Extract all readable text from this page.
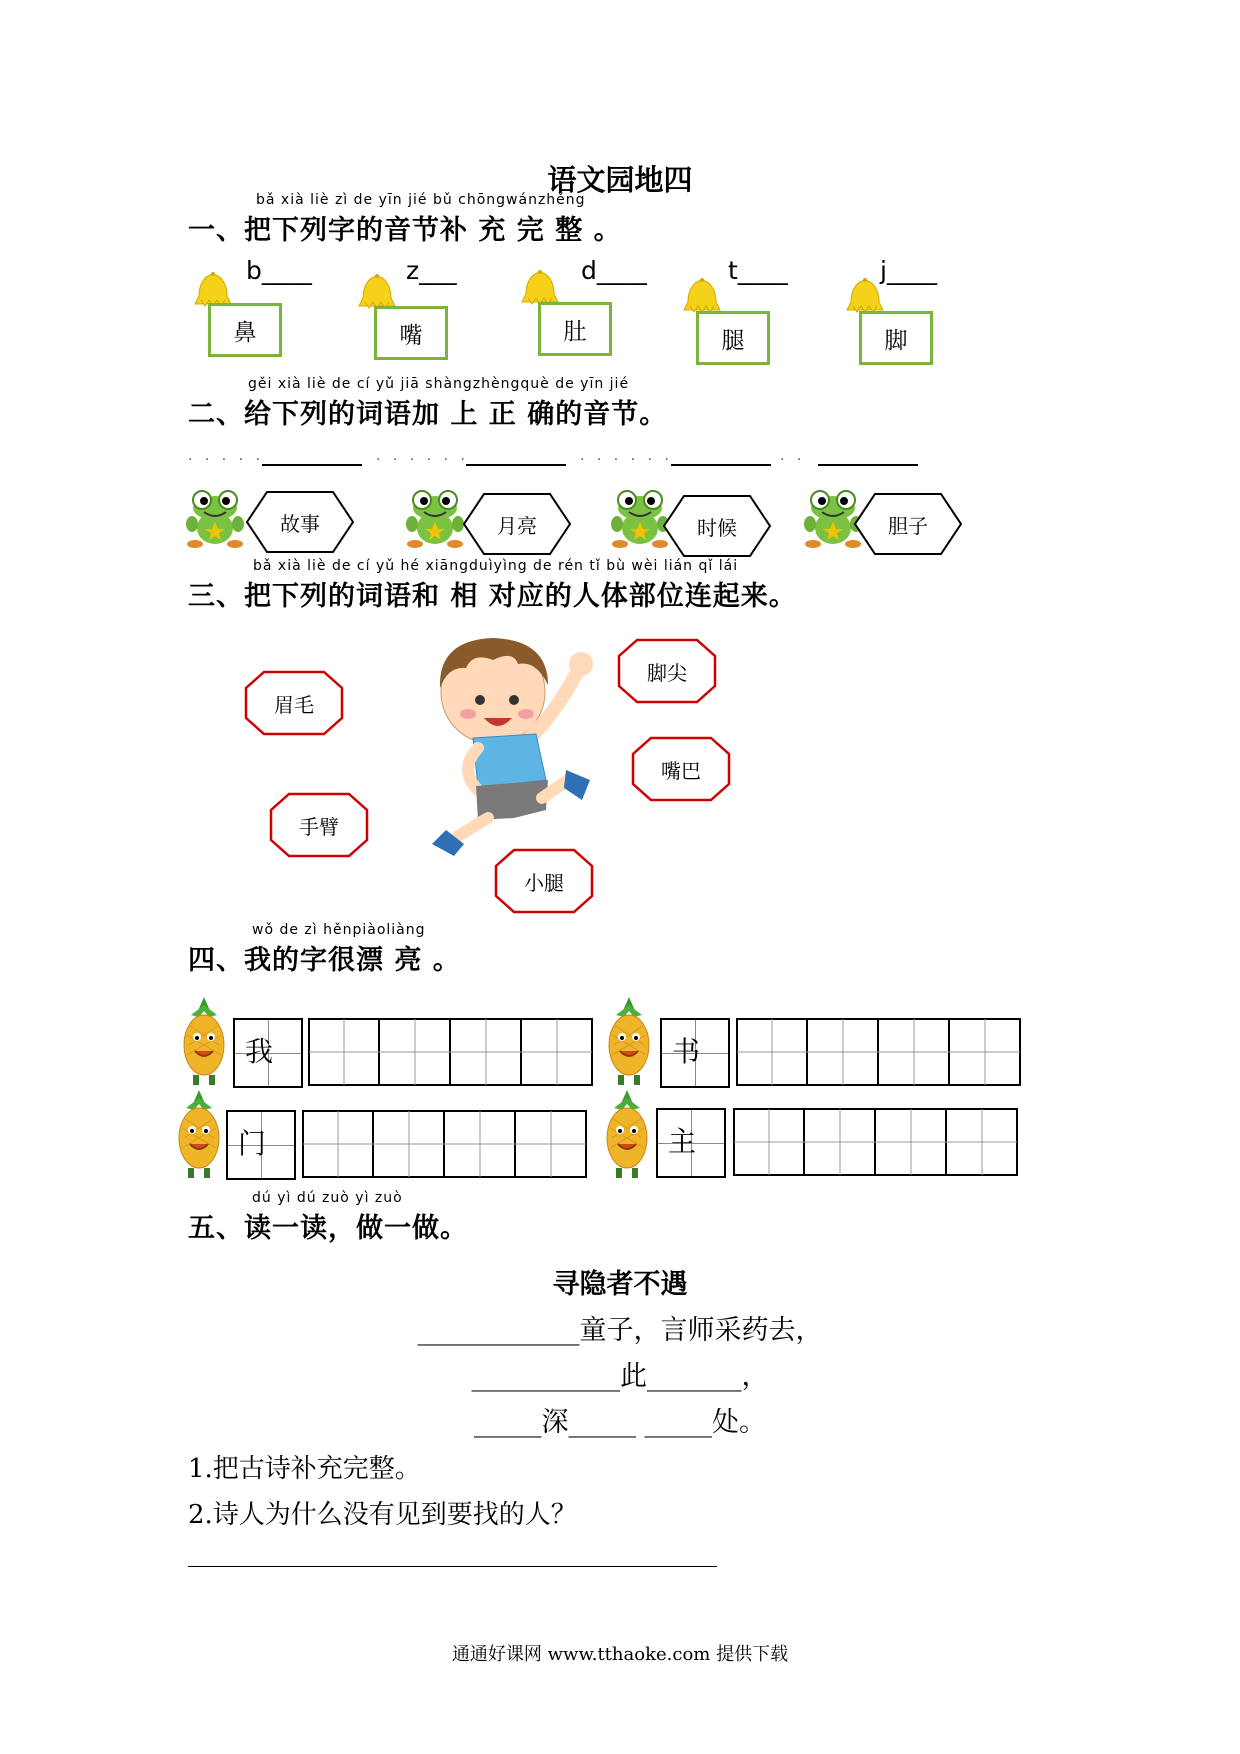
语文园地四
bǎ xià liè zì de yīn jié bǔ chōngwánzhěng
一、把下列字的音节补 充 完 整 。
b____
鼻
z___
嘴
d____
肚
t____
腿
j____
脚
gěi xià liè de cí yǔ jiā shàngzhèngquè de yīn jié
二、给下列的词语加 上 正 确的音节。
· · · · ·	· · · · · ·	· · · · · ·	· ·
故事	月亮	时候	胆子
bǎ xià liè de cí yǔ hé xiāngduìyìng de rén tǐ bù wèi lián qǐ lái
三、把下列的词语和 相 对应的人体部位连起来。
眉毛
手臂
脚尖
嘴巴
小腿
wǒ de zì hěnpiàoliàng
四、我的字很漂 亮 。
我	书
门	主
dú yì dú zuò yì zuò
五、读一读，做一做。
寻隐者不遇
____________童子，言师采药去，
___________此_______，
_____深_____ _____处。
1.把古诗补充完整。
2.诗人为什么没有见到要找的人？
____________________________________________
通通好课网 www.tthaoke.com 提供下载
